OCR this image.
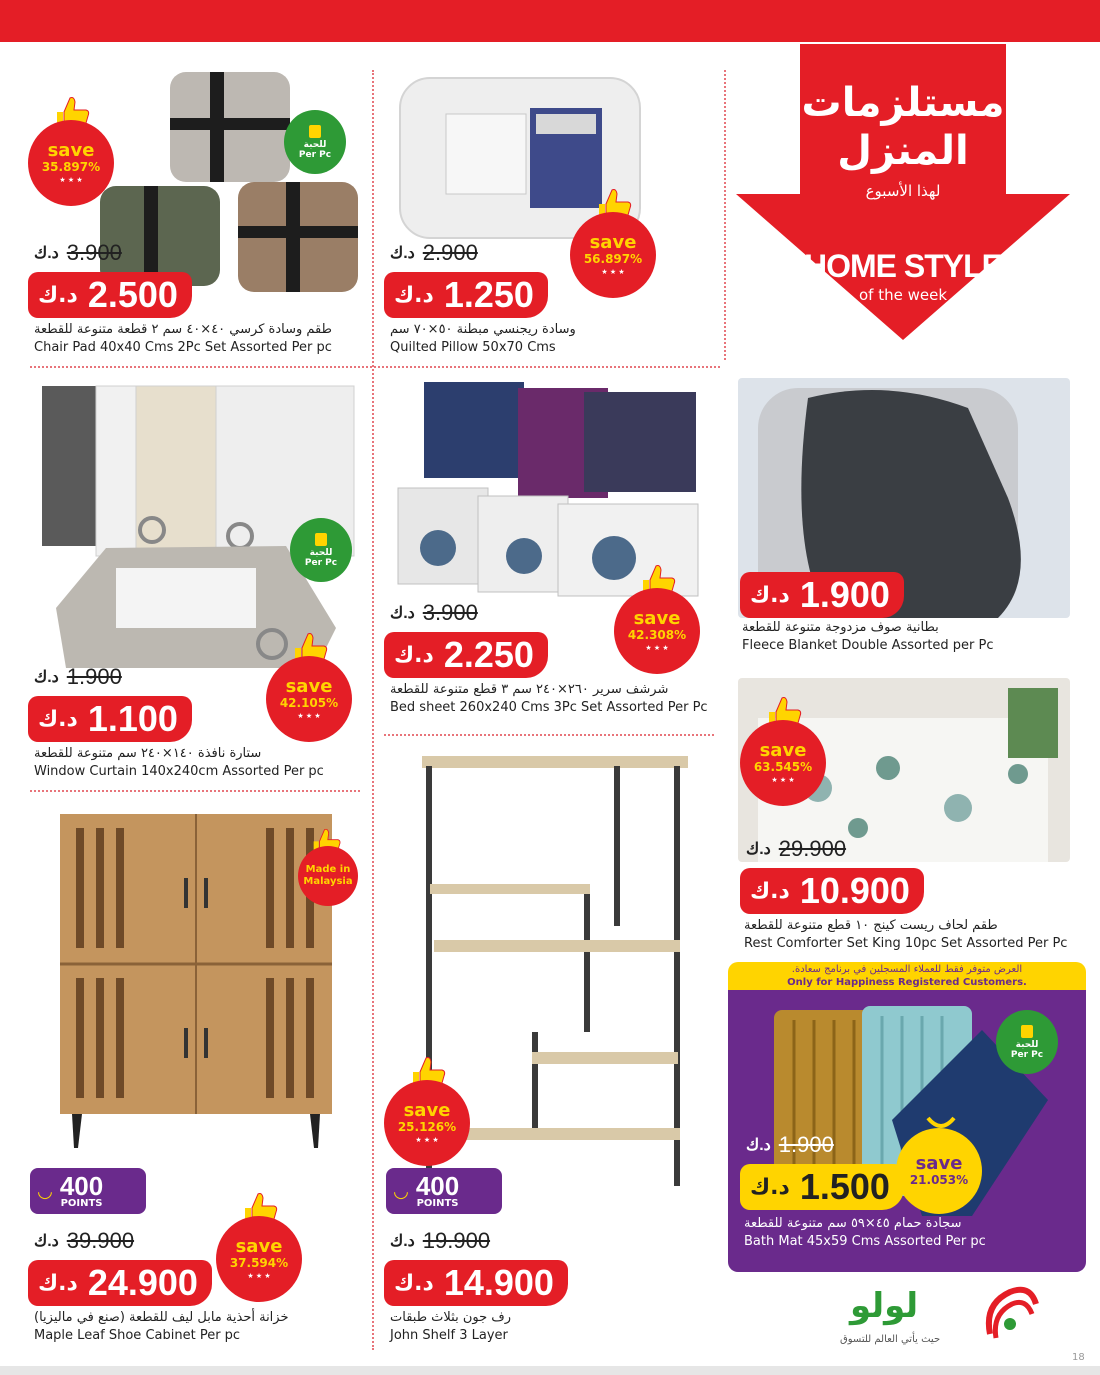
مستلزمات
المنزل
لهذا الأسبوع
HOME STYLE
of the week
للحبة
Per Pc
save
35.897%
★ ★ ★
د.ك 3.900
د.ك 2.500
طقم وسادة كرسي ٤٠×٤٠ سم ٢ قطعة متنوعة للقطعة
Chair Pad 40x40 Cms 2Pc Set Assorted Per pc
save
56.897%
★ ★ ★
د.ك 2.900
د.ك 1.250
وسادة ريجنسي مبطنة ٥٠×٧٠ سم
Quilted Pillow 50x70 Cms
للحبة
Per Pc
save
42.105%
★ ★ ★
د.ك 1.900
د.ك 1.100
ستارة نافذة ١٤٠×٢٤٠ سم متنوعة للقطعة
Window Curtain 140x240cm Assorted Per pc
save
42.308%
★ ★ ★
د.ك 3.900
د.ك 2.250
شرشف سرير ٢٦٠×٢٤٠ سم ٣ قطع متنوعة للقطعة
Bed sheet 260x240 Cms 3Pc Set Assorted Per Pc
د.ك 1.900
بطانية صوف مزدوجة متنوعة للقطعة
Fleece Blanket Double Assorted per Pc
save
63.545%
★ ★ ★
د.ك 29.900
د.ك 10.900
طقم لحاف ريست كينج ١٠ قطع متنوعة للقطعة
Rest Comforter Set King 10pc Set Assorted Per Pc
Made in Malaysia
◡ 400
POINTS
save
37.594%
★ ★ ★
د.ك 39.900
د.ك 24.900
خزانة أحذية مابل ليف للقطعة (صنع في ماليزيا)
Maple Leaf Shoe Cabinet Per pc
save
25.126%
★ ★ ★
◡ 400
POINTS
د.ك 19.900
د.ك 14.900
رف جون بثلاث طبقات
John Shelf 3 Layer
العرض متوفر فقط للعملاء المسجلين في برنامج سعادة.
Only for Happiness Registered Customers.
للحبة
Per Pc
save
21.053%
د.ك 1.900
د.ك 1.500
سجادة حمام ٤٥×٥٩ سم متنوعة للقطعة
Bath Mat 45x59 Cms Assorted Per pc
لولو
حيث يأتي العالم للتسوق
18
